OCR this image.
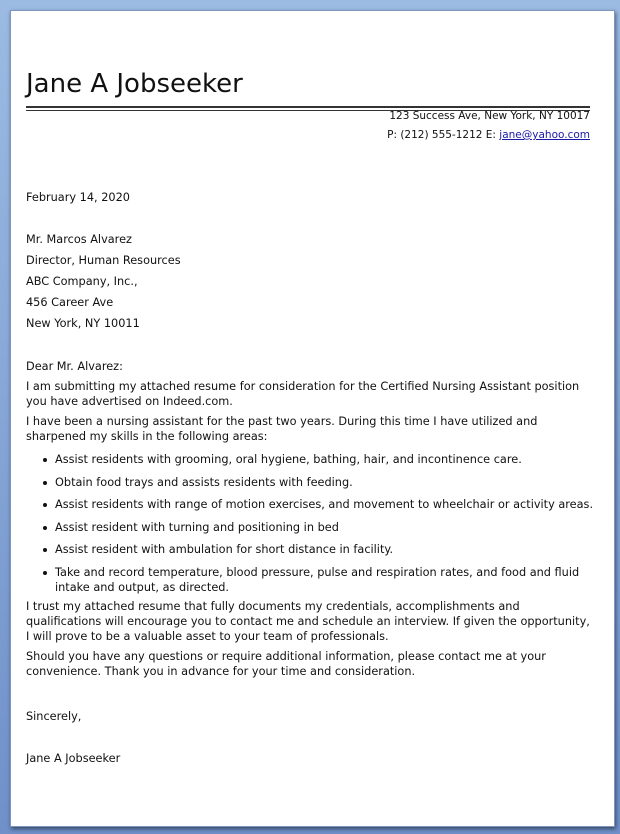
Jane A Jobseeker
123 Success Ave, New York, NY 10017
P: (212) 555-1212 E: jane@yahoo.com
February 14, 2020
Mr. Marcos Alvarez
Director, Human Resources
ABC Company, Inc.,
456 Career Ave
New York, NY 10011

Dear Mr. Alvarez:

I am submitting my attached resume for consideration for the Certified Nursing Assistant position you have advertised on Indeed.com.

I have been a nursing assistant for the past two years. During this time I have utilized and sharpened my skills in the following areas:

Assist residents with grooming, oral hygiene, bathing, hair, and incontinence care.
Obtain food trays and assists residents with feeding.
Assist residents with range of motion exercises, and movement to wheelchair or activity areas.
Assist resident with turning and positioning in bed
Assist resident with ambulation for short distance in facility.
Take and record temperature, blood pressure, pulse and respiration rates, and food and fluid intake and output, as directed.

I trust my attached resume that fully documents my credentials, accomplishments and qualifications will encourage you to contact me and schedule an interview. If given the opportunity, I will prove to be a valuable asset to your team of professionals.

Should you have any questions or require additional information, please contact me at your convenience. Thank you in advance for your time and consideration.

Sincerely,
Jane A Jobseeker
